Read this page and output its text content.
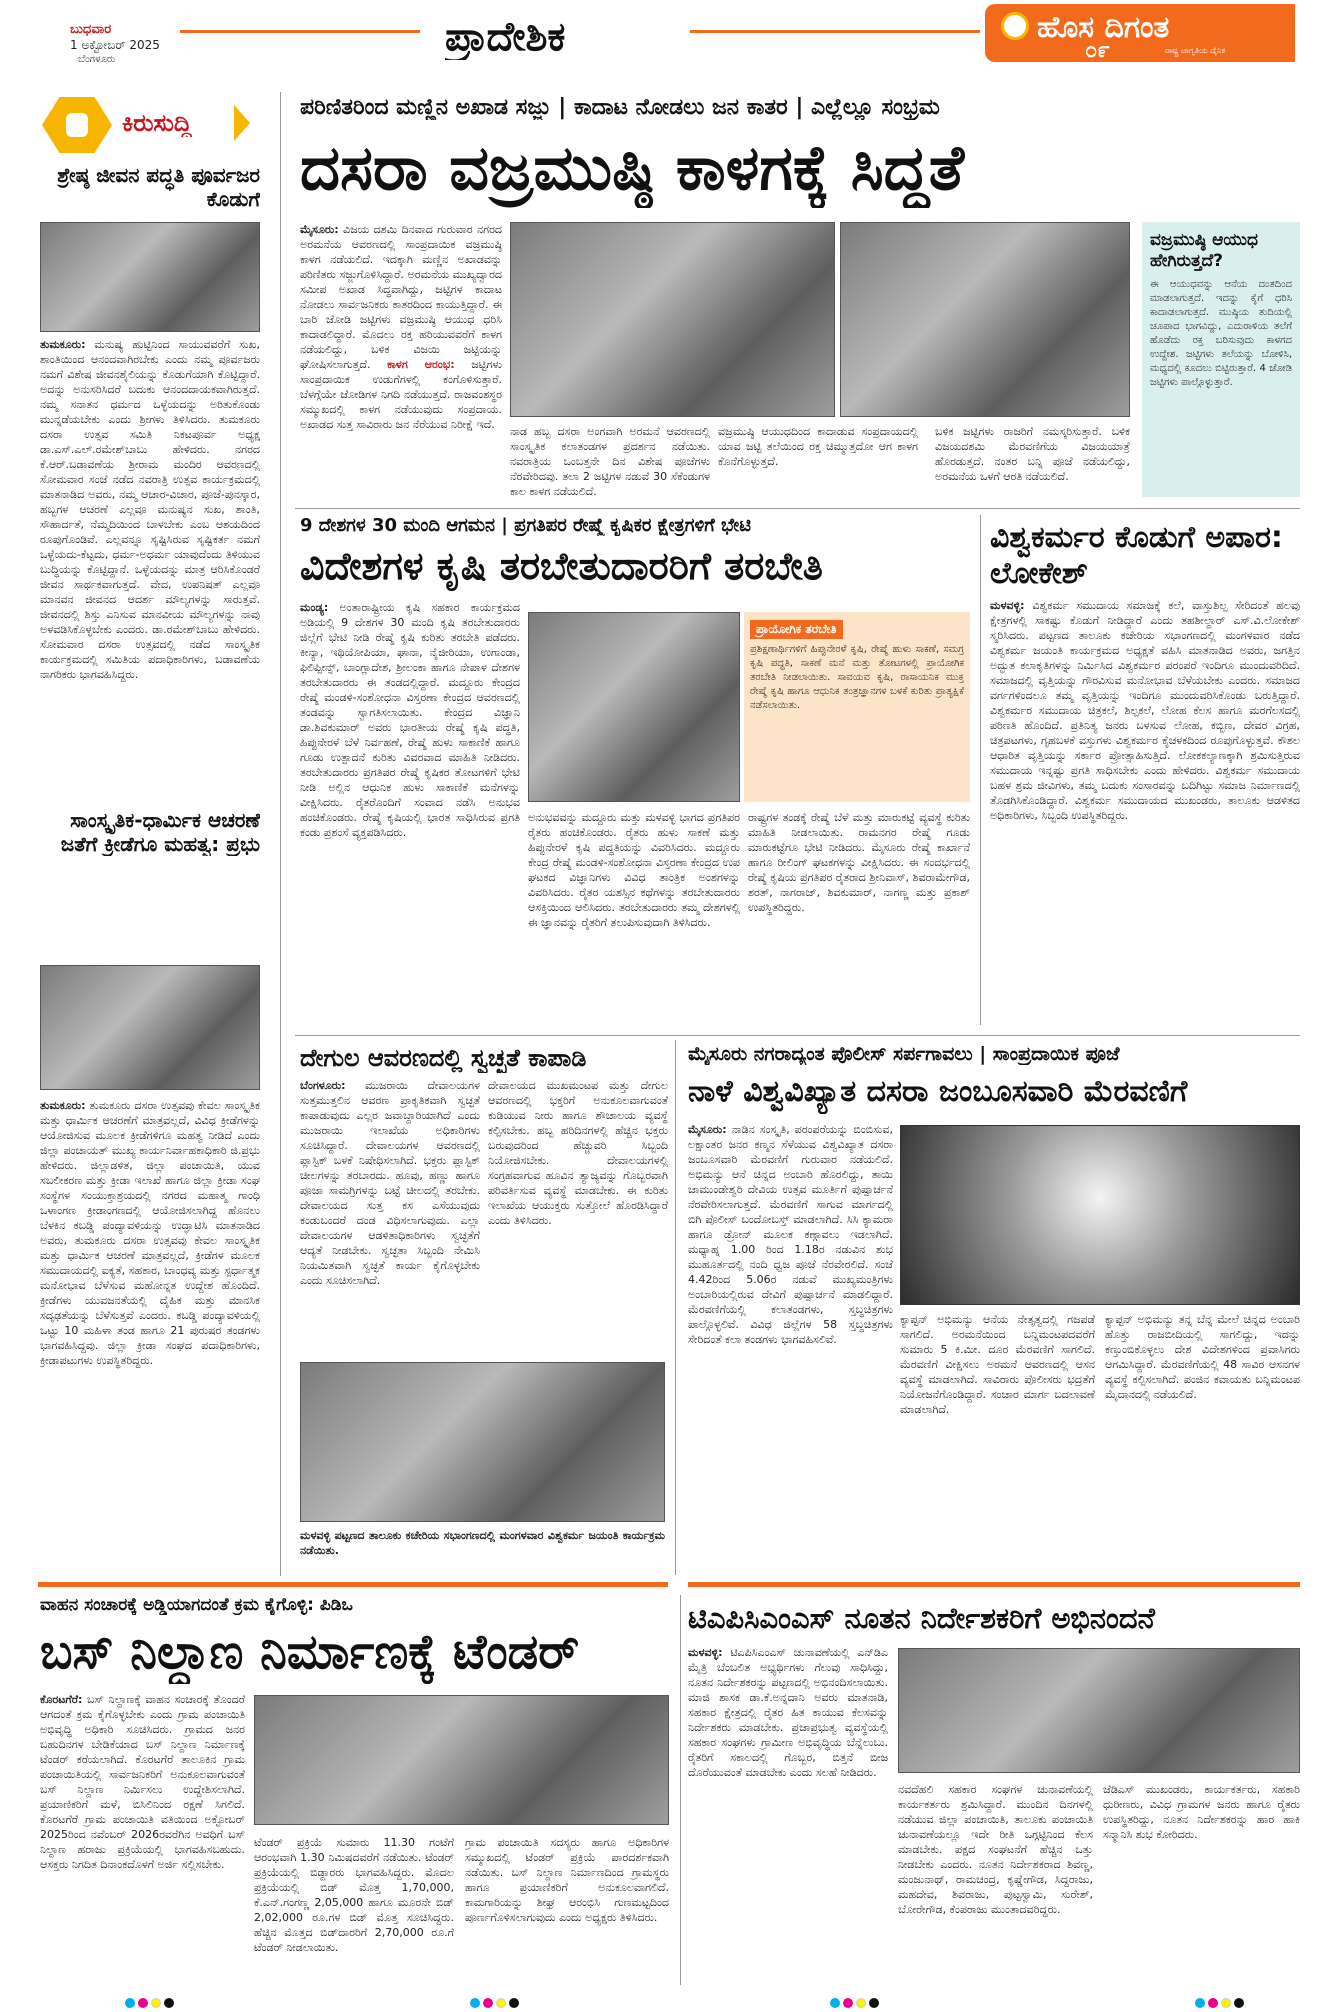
ಬುಧವಾರ
1 ಅಕ್ಟೋಬರ್ 2025
ಬೆಂಗಳೂರು	ಪ್ರಾದೇಶಿಕ	ಹೊಸ ದಿಗಂತ
ರಾಷ್ಟ್ರ ಜಾಗೃತಿಯ ದೈನಿಕ
೦೯
ಕಿರುಸುದ್ದಿ
ಶ್ರೇಷ್ಠ ಜೀವನ ಪದ್ಧತಿ ಪೂರ್ವಜರ ಕೊಡುಗೆ
ತುಮಕೂರು: ಮನುಷ್ಯ ಹುಟ್ಟಿನಿಂದ ಸಾಯುವವರೆಗೆ ಸುಖ, ಶಾಂತಿಯಿಂದ ಆನಂದವಾಗಿರಬೇಕು ಎಂದು ನಮ್ಮ ಪೂರ್ವಜರು ನಮಗೆ ವಿಶೇಷ ಜೀವನಶೈಲಿಯನ್ನು ಕೊಡುಗೆಯಾಗಿ ಕೊಟ್ಟಿದ್ದಾರೆ. ಅದನ್ನು ಅನುಸರಿಸಿದರೆ ಬದುಕು ಆನಂದದಾಯಕವಾಗಿರುತ್ತದೆ. ನಮ್ಮ ಸನಾತನ ಧರ್ಮದ ಒಳ್ಳೆಯದನ್ನು ಅರಿತುಕೊಂಡು ಮುನ್ನಡೆಯಬೇಕು ಎಂದು ಶ್ರೀಗಳು ತಿಳಿಸಿದರು. ತುಮಕೂರು ದಸರಾ ಉತ್ಸವ ಸಮಿತಿ ನಿಕಟಪೂರ್ವ ಅಧ್ಯಕ್ಷ ಡಾ.ಎಸ್.ಎಲ್.ರಮೇಶ್‌ಬಾಬು ಹೇಳಿದರು. ನಗರದ ಕೆ.ಆರ್.ಬಡಾವಣೆಯ ಶ್ರೀರಾಮ ಮಂದಿರ ಆವರಣದಲ್ಲಿ ಸೋಮವಾರ ಸಂಜೆ ನಡೆದ ನವರಾತ್ರಿ ಉತ್ಸವ ಕಾರ್ಯಕ್ರಮದಲ್ಲಿ ಮಾತನಾಡಿದ ಅವರು, ನಮ್ಮ ಆಚಾರ-ವಿಚಾರ, ಪೂಜೆ-ಪುನಸ್ಕಾರ, ಹಬ್ಬಗಳ ಆಚರಣೆ ಎಲ್ಲವೂ ಮನುಷ್ಯನ ಸುಖ, ಶಾಂತಿ, ಸೌಹಾರ್ದತೆ, ನೆಮ್ಮದಿಯಿಂದ ಬಾಳಬೇಕು ಎಂಬ ಆಶಯದಿಂದ ರೂಪುಗೊಂಡಿವೆ. ಎಲ್ಲವನ್ನೂ ಸೃಷ್ಟಿಸಿರುವ ಸೃಷ್ಟಿಕರ್ತ ನಮಗೆ ಒಳ್ಳೆಯದು-ಕೆಟ್ಟದು, ಧರ್ಮ-ಅಧರ್ಮ ಯಾವುದೆಂದು ತಿಳಿಯುವ ಬುದ್ಧಿಯನ್ನು ಕೊಟ್ಟಿದ್ದಾನೆ. ಒಳ್ಳೆಯದನ್ನು ಮಾತ್ರ ಆರಿಸಿಕೊಂಡರೆ ಜೀವನ ಸಾರ್ಥಕವಾಗುತ್ತದೆ. ವೇದ, ಉಪನಿಷತ್ ಎಲ್ಲವೂ ಮಾನವನ ಜೀವನದ ಆದರ್ಶ ಮೌಲ್ಯಗಳನ್ನು ಸಾರುತ್ತವೆ. ಜೀವನದಲ್ಲಿ ಶಿಸ್ತು ಎನಿಸುವ ಮಾನವೀಯ ಮೌಲ್ಯಗಳನ್ನು ನಾವು ಅಳವಡಿಸಿಕೊಳ್ಳಬೇಕು ಎಂದರು. ಡಾ.ರಮೇಶ್‌ಬಾಬು ಹೇಳಿದರು. ಸೋಮವಾರ ದಸರಾ ಉತ್ಸವದಲ್ಲಿ ನಡೆದ ಸಾಂಸ್ಕೃತಿಕ ಕಾರ್ಯಕ್ರಮದಲ್ಲಿ ಸಮಿತಿಯ ಪದಾಧಿಕಾರಿಗಳು, ಬಡಾವಣೆಯ ನಾಗರಿಕರು ಭಾಗವಹಿಸಿದ್ದರು.
ಸಾಂಸ್ಕೃತಿಕ-ಧಾರ್ಮಿಕ ಆಚರಣೆ ಜತೆಗೆ ಕ್ರೀಡೆಗೂ ಮಹತ್ವ: ಪ್ರಭು
ತುಮಕೂರು: ತುಮಕೂರು ದಸರಾ ಉತ್ಸವವು ಕೇವಲ ಸಾಂಸ್ಕೃತಿಕ ಮತ್ತು ಧಾರ್ಮಿಕ ಆಚರಣೆಗೆ ಮಾತ್ರವಲ್ಲದೆ, ವಿವಿಧ ಕ್ರೀಡೆಗಳನ್ನು ಆಯೋಜಿಸುವ ಮೂಲಕ ಕ್ರೀಡೆಗಳಿಗೂ ಮಹತ್ವ ನೀಡಿದೆ ಎಂದು ಜಿಲ್ಲಾ ಪಂಚಾಯತ್ ಮುಖ್ಯ ಕಾರ್ಯನಿರ್ವಾಹಕಾಧಿಕಾರಿ ಜಿ.ಪ್ರಭು ಹೇಳಿದರು. ಜಿಲ್ಲಾಡಳಿತ, ಜಿಲ್ಲಾ ಪಂಚಾಯಿತಿ, ಯುವ ಸಬಲೀಕರಣ ಮತ್ತು ಕ್ರೀಡಾ ಇಲಾಖೆ ಹಾಗೂ ಜಿಲ್ಲಾ ಕ್ರೀಡಾ ಸಂಘ ಸಂಸ್ಥೆಗಳ ಸಂಯುಕ್ತಾಶ್ರಯದಲ್ಲಿ ನಗರದ ಮಹಾತ್ಮ ಗಾಂಧಿ ಒಳಾಂಗಣ ಕ್ರೀಡಾಂಗಣದಲ್ಲಿ ಆಯೋಜಿಸಲಾಗಿದ್ದ ಹೊನಲು ಬೆಳಕಿನ ಕಬಡ್ಡಿ ಪಂದ್ಯಾವಳಿಯನ್ನು ಉದ್ಘಾಟಿಸಿ ಮಾತನಾಡಿದ ಅವರು, ತುಮಕೂರು ದಸರಾ ಉತ್ಸವವು ಕೇವಲ ಸಾಂಸ್ಕೃತಿಕ ಮತ್ತು ಧಾರ್ಮಿಕ ಆಚರಣೆ ಮಾತ್ರವಲ್ಲದೆ, ಕ್ರೀಡೆಗಳ ಮೂಲಕ ಸಮುದಾಯದಲ್ಲಿ ಐಕ್ಯತೆ, ಸಹಕಾರ, ಬಾಂಧವ್ಯ ಮತ್ತು ಸ್ಪರ್ಧಾತ್ಮಕ ಮನೋಭಾವ ಬೆಳೆಸುವ ಮಹೋನ್ನತ ಉದ್ದೇಶ ಹೊಂದಿದೆ. ಕ್ರೀಡೆಗಳು ಯುವಜನತೆಯಲ್ಲಿ ದೈಹಿಕ ಮತ್ತು ಮಾನಸಿಕ ಸದೃಢತೆಯನ್ನು ಬೆಳೆಸುತ್ತವೆ ಎಂದರು. ಕಬಡ್ಡಿ ಪಂದ್ಯಾವಳಿಯಲ್ಲಿ ಒಟ್ಟು 10 ಮಹಿಳಾ ತಂಡ ಹಾಗೂ 21 ಪುರುಷರ ತಂಡಗಳು ಭಾಗವಹಿಸಿದ್ದವು. ಜಿಲ್ಲಾ ಕ್ರೀಡಾ ಸಂಘದ ಪದಾಧಿಕಾರಿಗಳು, ಕ್ರೀಡಾಪಟುಗಳು ಉಪಸ್ಥಿತರಿದ್ದರು.
ಪರಿಣಿತರಿಂದ ಮಣ್ಣಿನ ಅಖಾಡ ಸಜ್ಜು | ಕಾದಾಟ ನೋಡಲು ಜನ ಕಾತರ | ಎಲ್ಲೆಲ್ಲೂ ಸಂಭ್ರಮ
ದಸರಾ ವಜ್ರಮುಷ್ಠಿ ಕಾಳಗಕ್ಕೆ ಸಿದ್ಧತೆ
ಮೈಸೂರು: ವಿಜಯ ದಶಮಿ ದಿನವಾದ ಗುರುವಾರ ನಗರದ ಅರಮನೆಯ ಆವರಣದಲ್ಲಿ ಸಾಂಪ್ರದಾಯಿಕ ವಜ್ರಮುಷ್ಠಿ ಕಾಳಗ ನಡೆಯಲಿದೆ. ಇದಕ್ಕಾಗಿ ಮಣ್ಣಿನ ಅಖಾಡವನ್ನು ಪರಿಣಿತರು ಸಜ್ಜುಗೊಳಿಸಿದ್ದಾರೆ. ಅರಮನೆಯ ಮುಖ್ಯದ್ವಾರದ ಸಮೀಪ ಅಖಾಡ ಸಿದ್ಧವಾಗಿದ್ದು, ಜಟ್ಟಿಗಳ ಕಾದಾಟ ನೋಡಲು ಸಾರ್ವಜನಿಕರು ಕಾತರದಿಂದ ಕಾಯುತ್ತಿದ್ದಾರೆ. ಈ ಬಾರಿ ಜೋಡಿ ಜಟ್ಟಿಗಳು ವಜ್ರಮುಷ್ಠಿ ಆಯುಧ ಧರಿಸಿ ಕಾದಾಡಲಿದ್ದಾರೆ. ಮೊದಲು ರಕ್ತ ಹರಿಯುವವರೆಗೆ ಕಾಳಗ ನಡೆಯಲಿದ್ದು, ಬಳಿಕ ವಿಜಯಿ ಜಟ್ಟಿಯನ್ನು ಘೋಷಿಸಲಾಗುತ್ತದೆ. ಕಾಳಗ ಆರಂಭ: ಜಟ್ಟಿಗಳು ಸಾಂಪ್ರದಾಯಿಕ ಉಡುಗೆಗಳಲ್ಲಿ ಕಂಗೊಳಿಸುತ್ತಾರೆ. ಬೆಳಗ್ಗೆಯೇ ಜೋಡಿಗಳ ನಿಗದಿ ನಡೆಯುತ್ತದೆ. ರಾಜವಂಶಸ್ಥರ ಸಮ್ಮುಖದಲ್ಲಿ ಕಾಳಗ ನಡೆಯುವುದು ಸಂಪ್ರದಾಯ. ಅಖಾಡದ ಸುತ್ತ ಸಾವಿರಾರು ಜನ ನೆರೆಯುವ ನಿರೀಕ್ಷೆ ಇದೆ.
ನಾಡ ಹಬ್ಬ ದಸರಾ ಅಂಗವಾಗಿ ಅರಮನೆ ಆವರಣದಲ್ಲಿ ಸಾಂಸ್ಕೃತಿಕ ಕಲಾತಂಡಗಳ ಪ್ರದರ್ಶನ ನಡೆಯಿತು. ನವರಾತ್ರಿಯ ಒಂಬತ್ತನೇ ದಿನ ವಿಶೇಷ ಪೂಜೆಗಳು ನೆರವೇರಿದವು. ತಲಾ 2 ಜಟ್ಟಿಗಳ ನಡುವೆ 30 ಸೆಕೆಂಡುಗಳ ಕಾಲ ಕಾಳಗ ನಡೆಯಲಿದೆ.
ವಜ್ರಮುಷ್ಠಿ ಆಯುಧದಿಂದ ಕಾದಾಡುವ ಸಂಪ್ರದಾಯದಲ್ಲಿ ಯಾವ ಜಟ್ಟಿ ತಲೆಯಿಂದ ರಕ್ತ ಚಿಮ್ಮುತ್ತದೋ ಆಗ ಕಾಳಗ ಕೊನೆಗೊಳ್ಳುತ್ತದೆ.
ಬಳಿಕ ಜಟ್ಟಿಗಳು ರಾಜರಿಗೆ ನಮಸ್ಕರಿಸುತ್ತಾರೆ. ಬಳಿಕ ವಿಜಯದಶಮಿ ಮೆರವಣಿಗೆಯ ವಿಜಯಯಾತ್ರೆ ಹೊರಡುತ್ತದೆ. ನಂತರ ಬನ್ನಿ ಪೂಜೆ ನಡೆಯಲಿದ್ದು, ಅರಮನೆಯ ಒಳಗೆ ಆರತಿ ನಡೆಯಲಿದೆ.
ವಜ್ರಮುಷ್ಠಿ ಆಯುಧ ಹೇಗಿರುತ್ತದೆ?
ಈ ಆಯುಧವನ್ನು ಆನೆಯ ದಂತದಿಂದ ಮಾಡಲಾಗುತ್ತದೆ. ಇದನ್ನು ಕೈಗೆ ಧರಿಸಿ ಕಾದಾಡಲಾಗುತ್ತದೆ. ಮುಷ್ಠಿಯ ತುದಿಯಲ್ಲಿ ಚೂಪಾದ ಭಾಗವಿದ್ದು, ಎದುರಾಳಿಯ ತಲೆಗೆ ಹೊಡೆದು ರಕ್ತ ಬರಿಸುವುದು ಕಾಳಗದ ಉದ್ದೇಶ. ಜಟ್ಟಿಗಳು ತಲೆಯನ್ನು ಬೋಳಿಸಿ, ಮಧ್ಯದಲ್ಲಿ ಕೂದಲು ಬಿಟ್ಟಿರುತ್ತಾರೆ. 4 ಜೋಡಿ ಜಟ್ಟಿಗಳು ಪಾಲ್ಗೊಳ್ಳುತ್ತಾರೆ.
9 ದೇಶಗಳ 30 ಮಂದಿ ಆಗಮನ | ಪ್ರಗತಿಪರ ರೇಷ್ಮೆ ಕೃಷಿಕರ ಕ್ಷೇತ್ರಗಳಿಗೆ ಭೇಟಿ
ವಿದೇಶಗಳ ಕೃಷಿ ತರಬೇತುದಾರರಿಗೆ ತರಬೇತಿ
ಮಂಡ್ಯ: ಅಂತಾರಾಷ್ಟ್ರೀಯ ಕೃಷಿ ಸಹಕಾರ ಕಾರ್ಯಕ್ರಮದ ಅಡಿಯಲ್ಲಿ 9 ದೇಶಗಳ 30 ಮಂದಿ ಕೃಷಿ ತರಬೇತುದಾರರು ಜಿಲ್ಲೆಗೆ ಭೇಟಿ ನೀಡಿ ರೇಷ್ಮೆ ಕೃಷಿ ಕುರಿತು ತರಬೇತಿ ಪಡೆದರು. ಕೀನ್ಯಾ, ಇಥಿಯೋಪಿಯಾ, ಘಾನಾ, ನೈಜೀರಿಯಾ, ಉಗಾಂಡಾ, ಫಿಲಿಪ್ಪೀನ್ಸ್, ಬಾಂಗ್ಲಾದೇಶ, ಶ್ರೀಲಂಕಾ ಹಾಗೂ ನೇಪಾಳ ದೇಶಗಳ ತರಬೇತುದಾರರು ಈ ತಂಡದಲ್ಲಿದ್ದಾರೆ. ಮದ್ದೂರು ಕೇಂದ್ರದ ರೇಷ್ಮೆ ಮಂಡಳಿ-ಸಂಶೋಧನಾ ವಿಸ್ತರಣಾ ಕೇಂದ್ರದ ಆವರಣದಲ್ಲಿ ತಂಡವನ್ನು ಸ್ವಾಗತಿಸಲಾಯಿತು. ಕೇಂದ್ರದ ವಿಜ್ಞಾನಿ ಡಾ.ಶಿವಕುಮಾರ್ ಅವರು ಭಾರತೀಯ ರೇಷ್ಮೆ ಕೃಷಿ ಪದ್ಧತಿ, ಹಿಪ್ಪುನೇರಳೆ ಬೆಳೆ ನಿರ್ವಹಣೆ, ರೇಷ್ಮೆ ಹುಳು ಸಾಕಾಣಿಕೆ ಹಾಗೂ ಗೂಡು ಉತ್ಪಾದನೆ ಕುರಿತು ವಿವರವಾದ ಮಾಹಿತಿ ನೀಡಿದರು. ತರಬೇತುದಾರರು ಪ್ರಗತಿಪರ ರೇಷ್ಮೆ ಕೃಷಿಕರ ತೋಟಗಳಿಗೆ ಭೇಟಿ ನೀಡಿ ಅಲ್ಲಿನ ಆಧುನಿಕ ಹುಳು ಸಾಕಾಣಿಕೆ ಮನೆಗಳನ್ನು ವೀಕ್ಷಿಸಿದರು. ರೈತರೊಂದಿಗೆ ಸಂವಾದ ನಡೆಸಿ ಅನುಭವ ಹಂಚಿಕೊಂಡರು. ರೇಷ್ಮೆ ಕೃಷಿಯಲ್ಲಿ ಭಾರತ ಸಾಧಿಸಿರುವ ಪ್ರಗತಿ ಕಂಡು ಪ್ರಶಂಸೆ ವ್ಯಕ್ತಪಡಿಸಿದರು.
ಪ್ರಾಯೋಗಿಕ ತರಬೇತಿ
ಪ್ರಶಿಕ್ಷಣಾರ್ಥಿಗಳಿಗೆ ಹಿಪ್ಪುನೇರಳೆ ಕೃಷಿ, ರೇಷ್ಮೆ ಹುಳು ಸಾಕಣೆ, ಸಮಗ್ರ ಕೃಷಿ ಪದ್ಧತಿ, ಸಾಕಣೆ ಮನೆ ಮತ್ತು ತೋಟಗಳಲ್ಲಿ ಪ್ರಾಯೋಗಿಕ ತರಬೇತಿ ನೀಡಲಾಯಿತು. ಸಾವಯವ ಕೃಷಿ, ರಾಸಾಯನಿಕ ಮುಕ್ತ ರೇಷ್ಮೆ ಕೃಷಿ ಹಾಗೂ ಆಧುನಿಕ ತಂತ್ರಜ್ಞಾನಗಳ ಬಳಕೆ ಕುರಿತು ಪ್ರಾತ್ಯಕ್ಷಿಕೆ ನಡೆಸಲಾಯಿತು.
ಅನುಭವವನ್ನು ಮದ್ದೂರು ಮತ್ತು ಮಳವಳ್ಳಿ ಭಾಗದ ಪ್ರಗತಿಪರ ರೈತರು ಹಂಚಿಕೊಂಡರು. ರೈತರು ಹುಳು ಸಾಕಣೆ ಮತ್ತು ಹಿಪ್ಪುನೇರಳೆ ಕೃಷಿ ಪದ್ಧತಿಯನ್ನು ವಿವರಿಸಿದರು. ಮದ್ದೂರು ಕೇಂದ್ರ ರೇಷ್ಮೆ ಮಂಡಳಿ-ಸಂಶೋಧನಾ ವಿಸ್ತರಣಾ ಕೇಂದ್ರದ ಉಪ ಘಟಕದ ವಿಜ್ಞಾನಿಗಳು ವಿವಿಧ ತಾಂತ್ರಿಕ ಅಂಶಗಳನ್ನು ವಿವರಿಸಿದರು. ರೈತರ ಯಶಸ್ಸಿನ ಕಥೆಗಳನ್ನು ತರಬೇತುದಾರರು ಆಸಕ್ತಿಯಿಂದ ಆಲಿಸಿದರು. ತರಬೇತುದಾರರು ತಮ್ಮ ದೇಶಗಳಲ್ಲಿ ಈ ಜ್ಞಾನವನ್ನು ರೈತರಿಗೆ ತಲುಪಿಸುವುದಾಗಿ ತಿಳಿಸಿದರು.
ರಾಷ್ಟ್ರಗಳ ತಂಡಕ್ಕೆ ರೇಷ್ಮೆ ಬೆಳೆ ಮತ್ತು ಮಾರುಕಟ್ಟೆ ವ್ಯವಸ್ಥೆ ಕುರಿತು ಮಾಹಿತಿ ನೀಡಲಾಯಿತು. ರಾಮನಗರ ರೇಷ್ಮೆ ಗೂಡು ಮಾರುಕಟ್ಟೆಗೂ ಭೇಟಿ ನೀಡಿದರು. ಮೈಸೂರು ರೇಷ್ಮೆ ಕಾರ್ಖಾನೆ ಹಾಗೂ ರೀಲಿಂಗ್ ಘಟಕಗಳನ್ನು ವೀಕ್ಷಿಸಿದರು. ಈ ಸಂದರ್ಭದಲ್ಲಿ ರೇಷ್ಮೆ ಕೃಷಿಯ ಪ್ರಗತಿಪರ ರೈತರಾದ ಶ್ರೀನಿವಾಸ್, ಶಿವರಾಮೇಗೌಡ, ಶರತ್, ನಾಗರಾಜ್, ಶಿವಕುಮಾರ್, ನಾಗಣ್ಣ ಮತ್ತು ಪ್ರಕಾಶ್ ಉಪಸ್ಥಿತರಿದ್ದರು.
ವಿಶ್ವಕರ್ಮರ ಕೊಡುಗೆ ಅಪಾರ: ಲೋಕೇಶ್
ಮಳವಳ್ಳಿ: ವಿಶ್ವಕರ್ಮ ಸಮುದಾಯ ಸಮಾಜಕ್ಕೆ ಕಲೆ, ವಾಸ್ತುಶಿಲ್ಪ ಸೇರಿದಂತೆ ಹಲವು ಕ್ಷೇತ್ರಗಳಲ್ಲಿ ಸಾಕಷ್ಟು ಕೊಡುಗೆ ನೀಡಿದ್ದಾರೆ ಎಂದು ತಹಶೀಲ್ದಾರ್ ಎಸ್.ವಿ.ಲೋಕೇಶ್ ಸ್ಮರಿಸಿದರು. ಪಟ್ಟಣದ ತಾಲೂಕು ಕಚೇರಿಯ ಸಭಾಂಗಣದಲ್ಲಿ ಮಂಗಳವಾರ ನಡೆದ ವಿಶ್ವಕರ್ಮ ಜಯಂತಿ ಕಾರ್ಯಕ್ರಮದ ಅಧ್ಯಕ್ಷತೆ ವಹಿಸಿ ಮಾತನಾಡಿದ ಅವರು, ಜಗತ್ತಿನ ಅದ್ಭುತ ಕಲಾಕೃತಿಗಳನ್ನು ನಿರ್ಮಿಸಿದ ವಿಶ್ವಕರ್ಮರ ಪರಂಪರೆ ಇಂದಿಗೂ ಮುಂದುವರಿದಿದೆ. ಸಮಾಜದಲ್ಲಿ ವೃತ್ತಿಯನ್ನು ಗೌರವಿಸುವ ಮನೋಭಾವ ಬೆಳೆಯಬೇಕು ಎಂದರು. ಸಮಾಜದ ವರ್ಗಗಳಿಂದಲೂ ತಮ್ಮ ವೃತ್ತಿಯನ್ನು ಇಂದಿಗೂ ಮುಂದುವರಿಸಿಕೊಂಡು ಬರುತ್ತಿದ್ದಾರೆ. ವಿಶ್ವಕರ್ಮರ ಸಮುದಾಯ ಚಿತ್ರಕಲೆ, ಶಿಲ್ಪಕಲೆ, ಲೋಹ ಕೆಲಸ ಹಾಗೂ ಮರಗೆಲಸದಲ್ಲಿ ಪರಿಣತಿ ಹೊಂದಿದೆ. ಪ್ರತಿನಿತ್ಯ ಜನರು ಬಳಸುವ ಲೋಹ, ಕಬ್ಬಿಣ, ದೇವರ ವಿಗ್ರಹ, ಚಿತ್ರಪಟಗಳು, ಗೃಹಬಳಕೆ ವಸ್ತುಗಳು ವಿಶ್ವಕರ್ಮರ ಕೈಚಳಕದಿಂದ ರೂಪುಗೊಳ್ಳುತ್ತವೆ. ಕೌಶಲ ಆಧಾರಿತ ವೃತ್ತಿಯನ್ನು ಸರ್ಕಾರ ಪ್ರೋತ್ಸಾಹಿಸುತ್ತಿದೆ. ಲೋಕಕಲ್ಯಾಣಕ್ಕಾಗಿ ಶ್ರಮಿಸುತ್ತಿರುವ ಸಮುದಾಯ ಇನ್ನಷ್ಟು ಪ್ರಗತಿ ಸಾಧಿಸಬೇಕು ಎಂದು ಹೇಳಿದರು. ವಿಶ್ವಕರ್ಮ ಸಮುದಾಯ ಬಹಳ ಶ್ರಮ ಜೀವಿಗಳು, ತಮ್ಮ ಬದುಕು ಸಂಸಾರವನ್ನು ಬದಿಗಿಟ್ಟು ಸಮಾಜ ನಿರ್ಮಾಣದಲ್ಲಿ ತೊಡಗಿಸಿಕೊಂಡಿದ್ದಾರೆ. ವಿಶ್ವಕರ್ಮ ಸಮುದಾಯದ ಮುಖಂಡರು, ತಾಲೂಕು ಆಡಳಿತದ ಅಧಿಕಾರಿಗಳು, ಸಿಬ್ಬಂದಿ ಉಪಸ್ಥಿತರಿದ್ದರು.
ದೇಗುಲ ಆವರಣದಲ್ಲಿ ಸ್ವಚ್ಛತೆ ಕಾಪಾಡಿ
ಬೆಂಗಳೂರು: ಮುಜರಾಯಿ ದೇವಾಲಯಗಳ ಸುತ್ತಮುತ್ತಲಿನ ಆವರಣ ಪ್ರಾಕೃತಿಕವಾಗಿ ಸ್ವಚ್ಛತೆ ಕಾಪಾಡುವುದು ಎಲ್ಲರ ಜವಾಬ್ದಾರಿಯಾಗಿದೆ ಎಂದು ಮುಜರಾಯಿ ಇಲಾಖೆಯ ಅಧಿಕಾರಿಗಳು ಸೂಚಿಸಿದ್ದಾರೆ. ದೇವಾಲಯಗಳ ಆವರಣದಲ್ಲಿ ಪ್ಲಾಸ್ಟಿಕ್ ಬಳಕೆ ನಿಷೇಧಿಸಲಾಗಿದೆ. ಭಕ್ತರು ಪ್ಲಾಸ್ಟಿಕ್ ಚೀಲಗಳನ್ನು ತರಬಾರದು. ಹೂವು, ಹಣ್ಣು ಹಾಗೂ ಪೂಜಾ ಸಾಮಗ್ರಿಗಳನ್ನು ಬಟ್ಟೆ ಚೀಲದಲ್ಲಿ ತರಬೇಕು. ದೇವಾಲಯದ ಸುತ್ತ ಕಸ ಎಸೆಯುವುದು ಕಂಡುಬಂದರೆ ದಂಡ ವಿಧಿಸಲಾಗುವುದು. ಎಲ್ಲಾ ದೇವಾಲಯಗಳ ಆಡಳಿತಾಧಿಕಾರಿಗಳು ಸ್ವಚ್ಛತೆಗೆ ಆದ್ಯತೆ ನೀಡಬೇಕು. ಸ್ವಚ್ಛತಾ ಸಿಬ್ಬಂದಿ ನೇಮಿಸಿ ನಿಯಮಿತವಾಗಿ ಸ್ವಚ್ಛತೆ ಕಾರ್ಯ ಕೈಗೊಳ್ಳಬೇಕು ಎಂದು ಸೂಚಿಸಲಾಗಿದೆ.
ದೇವಾಲಯದ ಮುಖಮಂಟಪ ಮತ್ತು ದೇಗುಲ ಆವರಣದಲ್ಲಿ ಭಕ್ತರಿಗೆ ಅನುಕೂಲವಾಗುವಂತೆ ಕುಡಿಯುವ ನೀರು ಹಾಗೂ ಶೌಚಾಲಯ ವ್ಯವಸ್ಥೆ ಕಲ್ಪಿಸಬೇಕು. ಹಬ್ಬ ಹರಿದಿನಗಳಲ್ಲಿ ಹೆಚ್ಚಿನ ಭಕ್ತರು ಬರುವುದರಿಂದ ಹೆಚ್ಚುವರಿ ಸಿಬ್ಬಂದಿ ನಿಯೋಜಿಸಬೇಕು. ದೇವಾಲಯಗಳಲ್ಲಿ ಸಂಗ್ರಹವಾಗುವ ಹೂವಿನ ತ್ಯಾಜ್ಯವನ್ನು ಗೊಬ್ಬರವಾಗಿ ಪರಿವರ್ತಿಸುವ ವ್ಯವಸ್ಥೆ ಮಾಡಬೇಕು. ಈ ಕುರಿತು ಇಲಾಖೆಯ ಆಯುಕ್ತರು ಸುತ್ತೋಲೆ ಹೊರಡಿಸಿದ್ದಾರೆ ಎಂದು ತಿಳಿಸಿದರು.
ಮಳವಳ್ಳಿ ಪಟ್ಟಣದ ತಾಲೂಕು ಕಚೇರಿಯ ಸಭಾಂಗಣದಲ್ಲಿ ಮಂಗಳವಾರ ವಿಶ್ವಕರ್ಮ ಜಯಂತಿ ಕಾರ್ಯಕ್ರಮ ನಡೆಯಿತು.
ಮೈಸೂರು ನಗರಾದ್ಯಂತ ಪೊಲೀಸ್ ಸರ್ಪಗಾವಲು | ಸಾಂಪ್ರದಾಯಿಕ ಪೂಜೆ
ನಾಳೆ ವಿಶ್ವವಿಖ್ಯಾತ ದಸರಾ ಜಂಬೂಸವಾರಿ ಮೆರವಣಿಗೆ
ಮೈಸೂರು: ನಾಡಿನ ಸಂಸ್ಕೃತಿ, ಪರಂಪರೆಯನ್ನು ಬಿಂಬಿಸುವ, ಲಕ್ಷಾಂತರ ಜನರ ಕಣ್ಮನ ಸೆಳೆಯುವ ವಿಶ್ವವಿಖ್ಯಾತ ದಸರಾ ಜಂಬೂಸವಾರಿ ಮೆರವಣಿಗೆ ಗುರುವಾರ ನಡೆಯಲಿದೆ. ಅಭಿಮನ್ಯು ಆನೆ ಚಿನ್ನದ ಅಂಬಾರಿ ಹೊರಲಿದ್ದು, ತಾಯಿ ಚಾಮುಂಡೇಶ್ವರಿ ದೇವಿಯ ಉತ್ಸವ ಮೂರ್ತಿಗೆ ಪುಷ್ಪಾರ್ಚನೆ ನೆರವೇರಿಸಲಾಗುತ್ತದೆ. ಮೆರವಣಿಗೆ ಸಾಗುವ ಮಾರ್ಗದಲ್ಲಿ ಬಿಗಿ ಪೊಲೀಸ್ ಬಂದೋಬಸ್ತ್ ಮಾಡಲಾಗಿದೆ. ಸಿಸಿ ಕ್ಯಾಮರಾ ಹಾಗೂ ಡ್ರೋನ್ ಮೂಲಕ ಕಣ್ಗಾವಲು ಇಡಲಾಗಿದೆ. ಮಧ್ಯಾಹ್ನ 1.00 ರಿಂದ 1.18ರ ನಡುವಿನ ಶುಭ ಮುಹೂರ್ತದಲ್ಲಿ ನಂದಿ ಧ್ವಜ ಪೂಜೆ ನೆರವೇರಲಿದೆ. ಸಂಜೆ 4.42ರಿಂದ 5.06ರ ನಡುವೆ ಮುಖ್ಯಮಂತ್ರಿಗಳು ಅಂಬಾರಿಯಲ್ಲಿರುವ ದೇವಿಗೆ ಪುಷ್ಪಾರ್ಚನೆ ಮಾಡಲಿದ್ದಾರೆ. ಮೆರವಣಿಗೆಯಲ್ಲಿ ಕಲಾತಂಡಗಳು, ಸ್ತಬ್ಧಚಿತ್ರಗಳು ಪಾಲ್ಗೊಳ್ಳಲಿವೆ. ವಿವಿಧ ಜಿಲ್ಲೆಗಳ 58 ಸ್ತಬ್ಧಚಿತ್ರಗಳು ಸೇರಿದಂತೆ ಕಲಾ ತಂಡಗಳು ಭಾಗವಹಿಸಲಿವೆ.
ಕ್ಯಾಪ್ಟನ್ ಅಭಿಮನ್ಯು ಆನೆಯ ನೇತೃತ್ವದಲ್ಲಿ ಗಜಪಡೆ ಸಾಗಲಿದೆ. ಅರಮನೆಯಿಂದ ಬನ್ನಿಮಂಟಪದವರೆಗೆ ಸುಮಾರು 5 ಕಿ.ಮೀ. ದೂರ ಮೆರವಣಿಗೆ ಸಾಗಲಿದೆ. ಮೆರವಣಿಗೆ ವೀಕ್ಷಿಸಲು ಅರಮನೆ ಆವರಣದಲ್ಲಿ ಆಸನ ವ್ಯವಸ್ಥೆ ಮಾಡಲಾಗಿದೆ. ಸಾವಿರಾರು ಪೊಲೀಸರು ಭದ್ರತೆಗೆ ನಿಯೋಜನೆಗೊಂಡಿದ್ದಾರೆ. ಸಂಚಾರ ಮಾರ್ಗ ಬದಲಾವಣೆ ಮಾಡಲಾಗಿದೆ.
ಕ್ಯಾಪ್ಟನ್ ಅಭಿಮನ್ಯು ತನ್ನ ಬೆನ್ನ ಮೇಲೆ ಚಿನ್ನದ ಅಂಬಾರಿ ಹೊತ್ತು ರಾಜಬೀದಿಯಲ್ಲಿ ಸಾಗಲಿದ್ದು, ಇದನ್ನು ಕಣ್ತುಂಬಿಕೊಳ್ಳಲು ದೇಶ ವಿದೇಶಗಳಿಂದ ಪ್ರವಾಸಿಗರು ಆಗಮಿಸಿದ್ದಾರೆ. ಮೆರವಣಿಗೆಯಲ್ಲಿ 48 ಸಾವಿರ ಆಸನಗಳ ವ್ಯವಸ್ಥೆ ಕಲ್ಪಿಸಲಾಗಿದೆ. ಪಂಜಿನ ಕವಾಯತು ಬನ್ನಿಮಂಟಪ ಮೈದಾನದಲ್ಲಿ ನಡೆಯಲಿದೆ.
ವಾಹನ ಸಂಚಾರಕ್ಕೆ ಅಡ್ಡಿಯಾಗದಂತೆ ಕ್ರಮ ಕೈಗೊಳ್ಳಿ: ಪಿಡಿಒ
ಬಸ್ ನಿಲ್ದಾಣ ನಿರ್ಮಾಣಕ್ಕೆ ಟೆಂಡರ್
ಕೊರಟಗೆರೆ: ಬಸ್ ನಿಲ್ದಾಣಕ್ಕೆ ವಾಹನ ಸಂಚಾರಕ್ಕೆ ತೊಂದರೆ ಆಗದಂತೆ ಕ್ರಮ ಕೈಗೊಳ್ಳಬೇಕು ಎಂದು ಗ್ರಾಮ ಪಂಚಾಯಿತಿ ಅಭಿವೃದ್ಧಿ ಅಧಿಕಾರಿ ಸೂಚಿಸಿದರು. ಗ್ರಾಮದ ಜನರ ಬಹುದಿನಗಳ ಬೇಡಿಕೆಯಾದ ಬಸ್ ನಿಲ್ದಾಣ ನಿರ್ಮಾಣಕ್ಕೆ ಟೆಂಡರ್ ಕರೆಯಲಾಗಿದೆ. ಕೊರಟಗೆರೆ ತಾಲೂಕಿನ ಗ್ರಾಮ ಪಂಚಾಯಿತಿಯಲ್ಲಿ ಸಾರ್ವಜನಿಕರಿಗೆ ಅನುಕೂಲವಾಗುವಂತೆ ಬಸ್ ನಿಲ್ದಾಣ ನಿರ್ಮಿಸಲು ಉದ್ದೇಶಿಸಲಾಗಿದೆ. ಪ್ರಯಾಣಿಕರಿಗೆ ಮಳೆ, ಬಿಸಿಲಿನಿಂದ ರಕ್ಷಣೆ ಸಿಗಲಿದೆ. ಕೊರಟಗೆರೆ ಗ್ರಾಮ ಪಂಚಾಯಿತಿ ವತಿಯಿಂದ ಅಕ್ಟೋಬರ್ 2025ರಿಂದ ನವೆಂಬರ್ 2026ರವರೆಗಿನ ಅವಧಿಗೆ ಬಸ್ ನಿಲ್ದಾಣ ಹರಾಜು ಪ್ರಕ್ರಿಯೆಯಲ್ಲಿ ಭಾಗವಹಿಸಬಹುದು. ಆಸಕ್ತರು ನಿಗದಿತ ದಿನಾಂಕದೊಳಗೆ ಅರ್ಜಿ ಸಲ್ಲಿಸಬೇಕು.
ಟೆಂಡರ್ ಪ್ರಕ್ರಿಯೆ ಸುಮಾರು 11.30 ಗಂಟೆಗೆ ಆರಂಭವಾಗಿ 1.30 ನಿಮಿಷದವರೆಗೆ ನಡೆಯಿತು. ಟೆಂಡರ್ ಪ್ರಕ್ರಿಯೆಯಲ್ಲಿ ಬಿಡ್ದಾರರು ಭಾಗವಹಿಸಿದ್ದರು. ಮೊದಲ ಪ್ರಕ್ರಿಯೆಯಲ್ಲಿ ಬಿಡ್ ಮೊತ್ತ 1,70,000, ಕೆ.ಎನ್.ಗಂಗಣ್ಣ 2,05,000 ಹಾಗೂ ಮೂರನೇ ಬಿಡ್ 2,02,000 ರೂ.ಗಳ ಬಿಡ್ ಮೊತ್ತ ಸೂಚಿಸಿದ್ದರು. ಹೆಚ್ಚಿನ ಮೊತ್ತದ ಬಿಡ್‌ದಾರರಿಗೆ 2,70,000 ರೂ.ಗೆ ಟೆಂಡರ್ ನೀಡಲಾಯಿತು.
ಗ್ರಾಮ ಪಂಚಾಯಿತಿ ಸದಸ್ಯರು ಹಾಗೂ ಅಧಿಕಾರಿಗಳ ಸಮ್ಮುಖದಲ್ಲಿ ಟೆಂಡರ್ ಪ್ರಕ್ರಿಯೆ ಪಾರದರ್ಶಕವಾಗಿ ನಡೆಯಿತು. ಬಸ್ ನಿಲ್ದಾಣ ನಿರ್ಮಾಣದಿಂದ ಗ್ರಾಮಸ್ಥರು ಹಾಗೂ ಪ್ರಯಾಣಿಕರಿಗೆ ಅನುಕೂಲವಾಗಲಿದೆ. ಕಾಮಗಾರಿಯನ್ನು ಶೀಘ್ರ ಆರಂಭಿಸಿ ಗುಣಮಟ್ಟದಿಂದ ಪೂರ್ಣಗೊಳಿಸಲಾಗುವುದು ಎಂದು ಅಧ್ಯಕ್ಷರು ತಿಳಿಸಿದರು.
ಟಿಎಪಿಸಿಎಂಎಸ್ ನೂತನ ನಿರ್ದೇಶಕರಿಗೆ ಅಭಿನಂದನೆ
ಮಳವಳ್ಳಿ: ಟಿಎಪಿಸಿಎಂಎಸ್ ಚುನಾವಣೆಯಲ್ಲಿ ಎನ್‌ಡಿಎ ಮೈತ್ರಿ ಬೆಂಬಲಿತ ಅಭ್ಯರ್ಥಿಗಳು ಗೆಲುವು ಸಾಧಿಸಿದ್ದು, ನೂತನ ನಿರ್ದೇಶಕರನ್ನು ಪಟ್ಟಣದಲ್ಲಿ ಅಭಿನಂದಿಸಲಾಯಿತು. ಮಾಜಿ ಶಾಸಕ ಡಾ.ಕೆ.ಅನ್ನದಾನಿ ಅವರು ಮಾತನಾಡಿ, ಸಹಕಾರ ಕ್ಷೇತ್ರದಲ್ಲಿ ರೈತರ ಹಿತ ಕಾಯುವ ಕೆಲಸವನ್ನು ನಿರ್ದೇಶಕರು ಮಾಡಬೇಕು. ಪ್ರಜಾಪ್ರಭುತ್ವ ವ್ಯವಸ್ಥೆಯಲ್ಲಿ ಸಹಕಾರ ಸಂಘಗಳು ಗ್ರಾಮೀಣ ಅಭಿವೃದ್ಧಿಯ ಬೆನ್ನೆಲುಬು. ರೈತರಿಗೆ ಸಕಾಲದಲ್ಲಿ ಗೊಬ್ಬರ, ಬಿತ್ತನೆ ಬೀಜ ದೊರೆಯುವಂತೆ ಮಾಡಬೇಕು ಎಂದು ಸಲಹೆ ನೀಡಿದರು.
ನವದೆಹಲಿ ಸಹಕಾರ ಸಂಘಗಳ ಚುನಾವಣೆಯಲ್ಲಿ ಕಾರ್ಯಕರ್ತರು ಶ್ರಮಿಸಿದ್ದಾರೆ. ಮುಂದಿನ ದಿನಗಳಲ್ಲಿ ನಡೆಯುವ ಜಿಲ್ಲಾ ಪಂಚಾಯಿತಿ, ತಾಲೂಕು ಪಂಚಾಯಿತಿ ಚುನಾವಣೆಯಲ್ಲೂ ಇದೇ ರೀತಿ ಒಗ್ಗಟ್ಟಿನಿಂದ ಕೆಲಸ ಮಾಡಬೇಕು. ಪಕ್ಷದ ಸಂಘಟನೆಗೆ ಹೆಚ್ಚಿನ ಒತ್ತು ನೀಡಬೇಕು ಎಂದರು. ನೂತನ ನಿರ್ದೇಶಕರಾದ ಶಿವಣ್ಣ, ಮಂಜುನಾಥ್, ರಾಮಚಂದ್ರ, ಕೃಷ್ಣೇಗೌಡ, ಸಿದ್ದರಾಜು, ಮಹದೇವ, ಶಿವರಾಜು, ಪುಟ್ಟಸ್ವಾಮಿ, ಸುರೇಶ್, ಬೋರೇಗೌಡ, ಕೆಂಪರಾಜು ಮುಂತಾದವರಿದ್ದರು.
ಜೆಡಿಎಸ್ ಮುಖಂಡರು, ಕಾರ್ಯಕರ್ತರು, ಸಹಕಾರಿ ಧುರೀಣರು, ವಿವಿಧ ಗ್ರಾಮಗಳ ಜನರು ಹಾಗೂ ರೈತರು ಉಪಸ್ಥಿತರಿದ್ದು, ನೂತನ ನಿರ್ದೇಶಕರನ್ನು ಹಾರ ಹಾಕಿ ಸನ್ಮಾನಿಸಿ ಶುಭ ಕೋರಿದರು.
